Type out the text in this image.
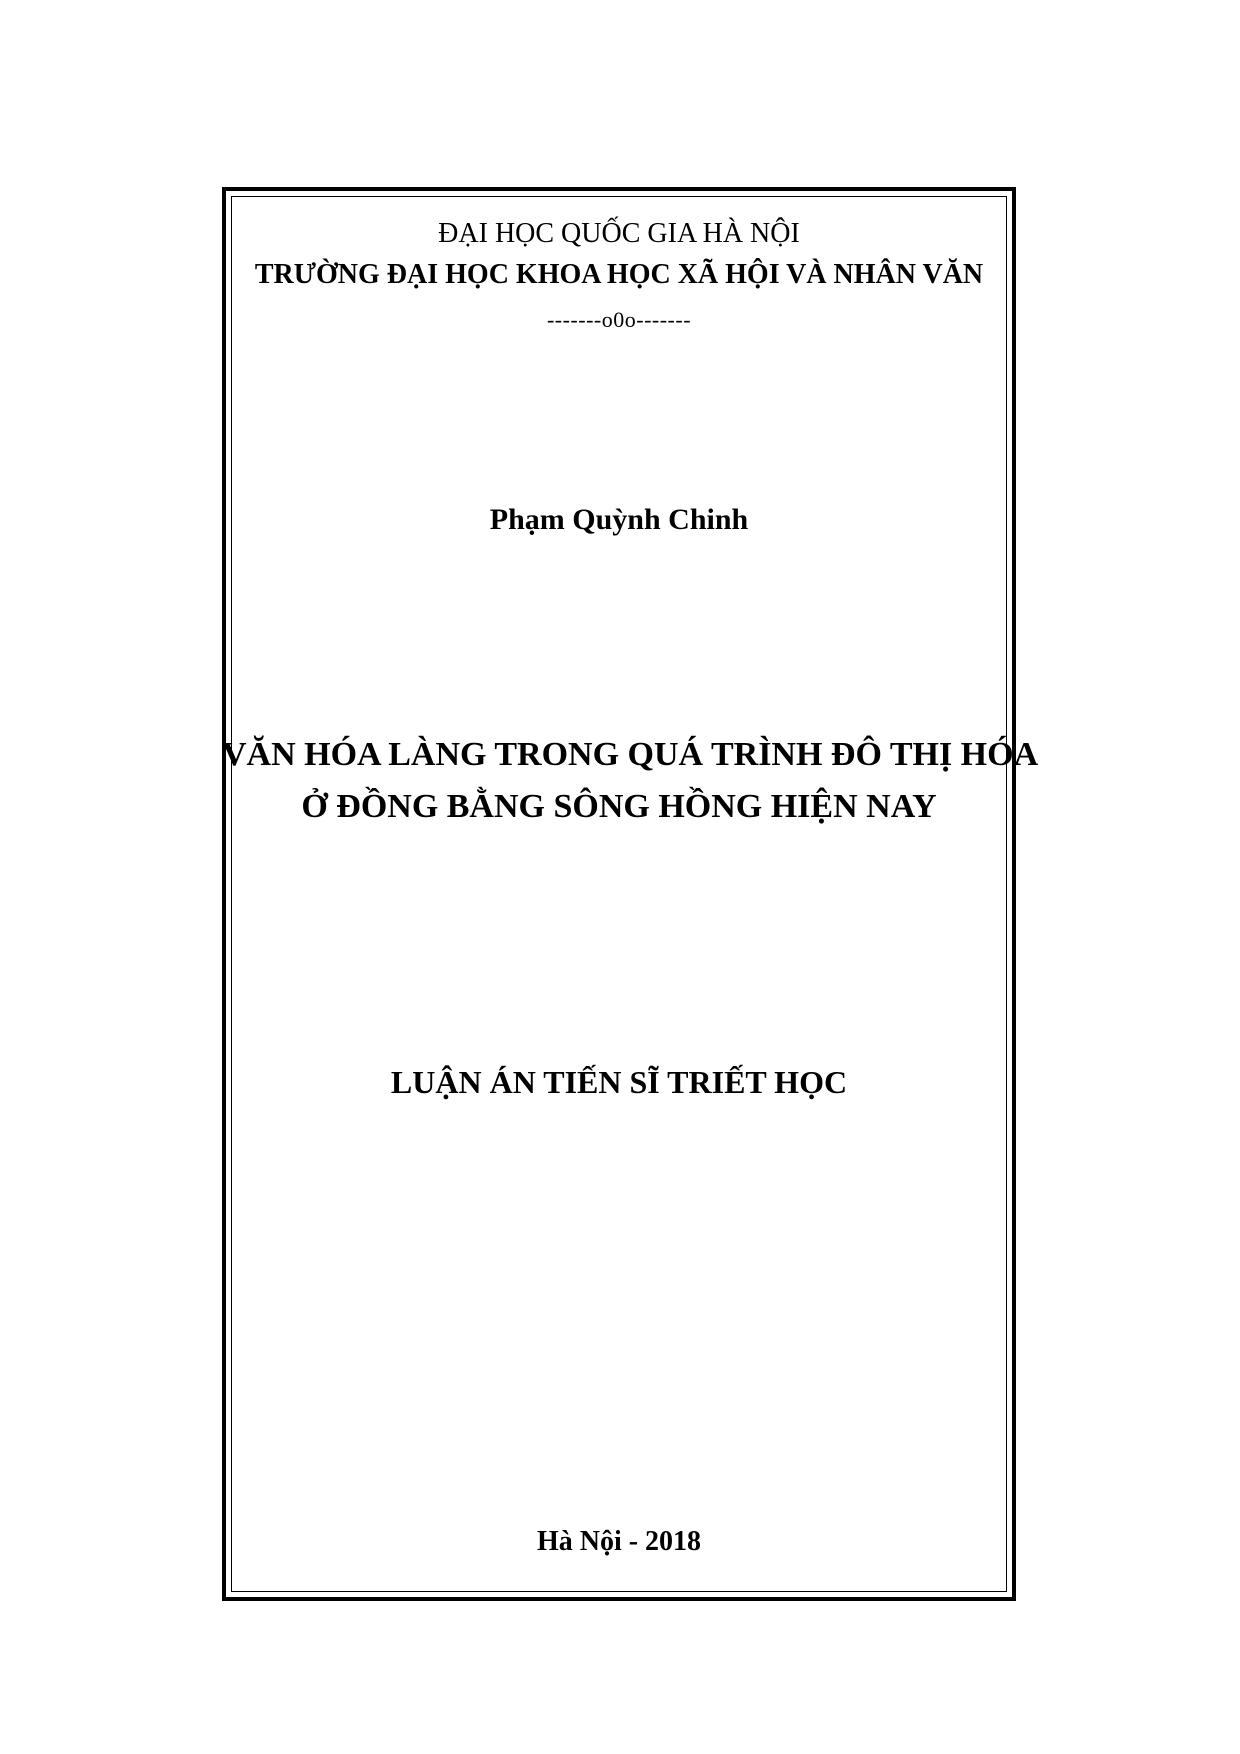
ĐẠI HỌC QUỐC GIA HÀ NỘI
TRƯỜNG ĐẠI HỌC KHOA HỌC XÃ HỘI VÀ NHÂN VĂN
-------o0o-------
Phạm Quỳnh Chinh
VĂN HÓA LÀNG TRONG QUÁ TRÌNH ĐÔ THỊ HÓA
Ở ĐỒNG BẰNG SÔNG HỒNG HIỆN NAY
LUẬN ÁN TIẾN SĨ TRIẾT HỌC
Hà Nội - 2018
